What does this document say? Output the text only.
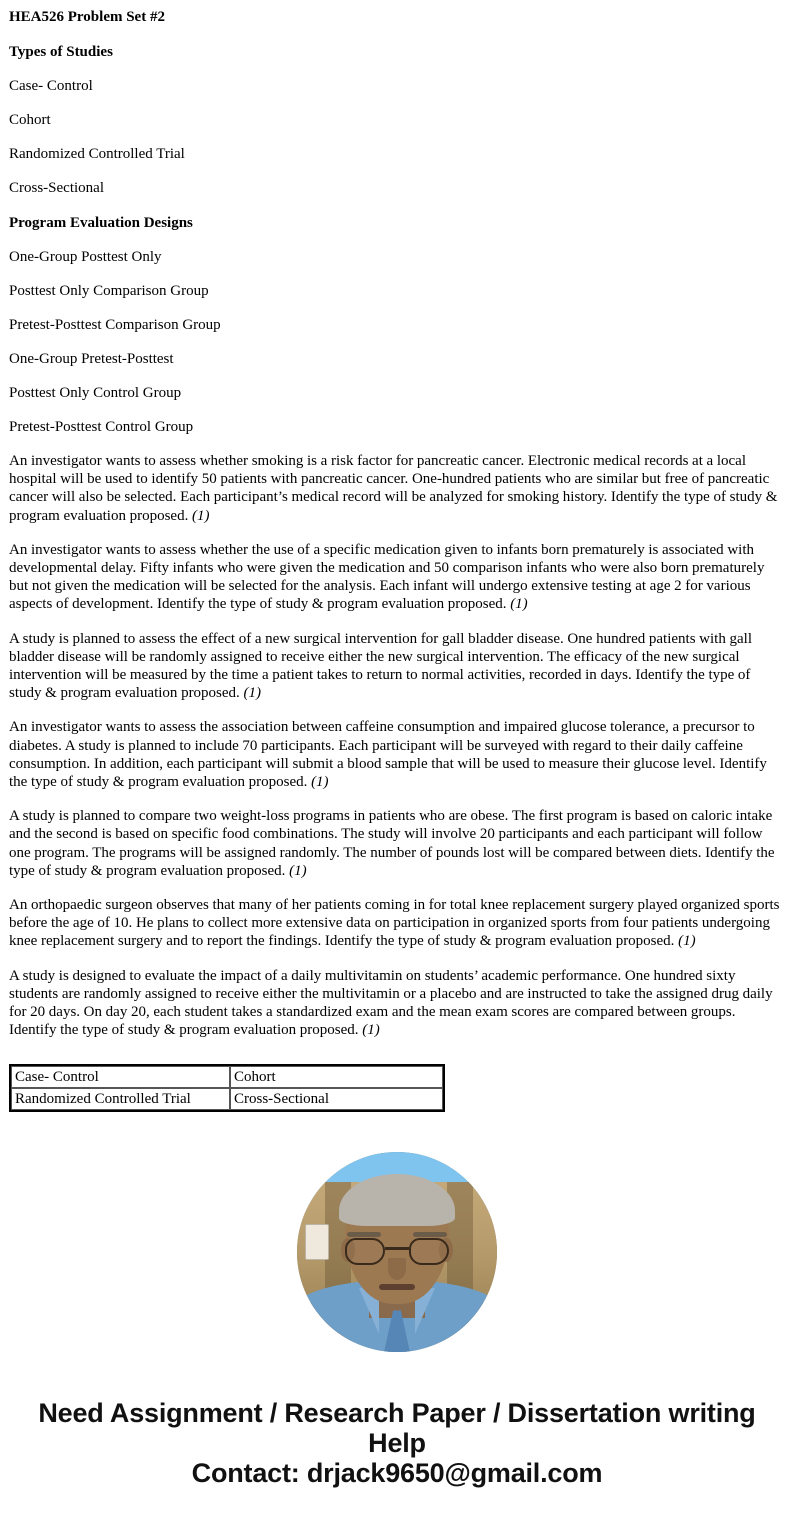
HEA526 Problem Set #2
Types of Studies
Case- Control
Cohort
Randomized Controlled Trial
Cross-Sectional
Program Evaluation Designs
One-Group Posttest Only
Posttest Only Comparison Group
Pretest-Posttest Comparison Group
One-Group Pretest-Posttest
Posttest Only Control Group
Pretest-Posttest Control Group

An investigator wants to assess whether smoking is a risk factor for pancreatic cancer. Electronic medical records at a local hospital will be used to identify 50 patients with pancreatic cancer. One-hundred patients who are similar but free of pancreatic cancer will also be selected. Each participant’s medical record will be analyzed for smoking history. Identify the type of study & program evaluation proposed. (1)

An investigator wants to assess whether the use of a specific medication given to infants born prematurely is associated with developmental delay. Fifty infants who were given the medication and 50 comparison infants who were also born prematurely but not given the medication will be selected for the analysis. Each infant will undergo extensive testing at age 2 for various aspects of development. Identify the type of study & program evaluation proposed. (1)

A study is planned to assess the effect of a new surgical intervention for gall bladder disease. One hundred patients with gall bladder disease will be randomly assigned to receive either the new surgical intervention. The efficacy of the new surgical intervention will be measured by the time a patient takes to return to normal activities, recorded in days. Identify the type of study & program evaluation proposed. (1)

An investigator wants to assess the association between caffeine consumption and impaired glucose tolerance, a precursor to diabetes. A study is planned to include 70 participants. Each participant will be surveyed with regard to their daily caffeine consumption. In addition, each participant will submit a blood sample that will be used to measure their glucose level. Identify the type of study & program evaluation proposed. (1)

A study is planned to compare two weight-loss programs in patients who are obese. The first program is based on caloric intake and the second is based on specific food combinations. The study will involve 20 participants and each participant will follow one program. The programs will be assigned randomly. The number of pounds lost will be compared between diets. Identify the type of study & program evaluation proposed. (1)

An orthopaedic surgeon observes that many of her patients coming in for total knee replacement surgery played organized sports before the age of 10. He plans to collect more extensive data on participation in organized sports from four patients undergoing knee replacement surgery and to report the findings. Identify the type of study & program evaluation proposed. (1)

A study is designed to evaluate the impact of a daily multivitamin on students’ academic performance. One hundred sixty students are randomly assigned to receive either the multivitamin or a placebo and are instructed to take the assigned drug daily for 20 days. On day 20, each student takes a standardized exam and the mean exam scores are compared between groups. Identify the type of study & program evaluation proposed. (1)

Case- Control	Cohort
Randomized Controlled Trial	Cross-Sectional
Need Assignment / Research Paper / Dissertation writing Help
Contact: drjack9650@gmail.com
